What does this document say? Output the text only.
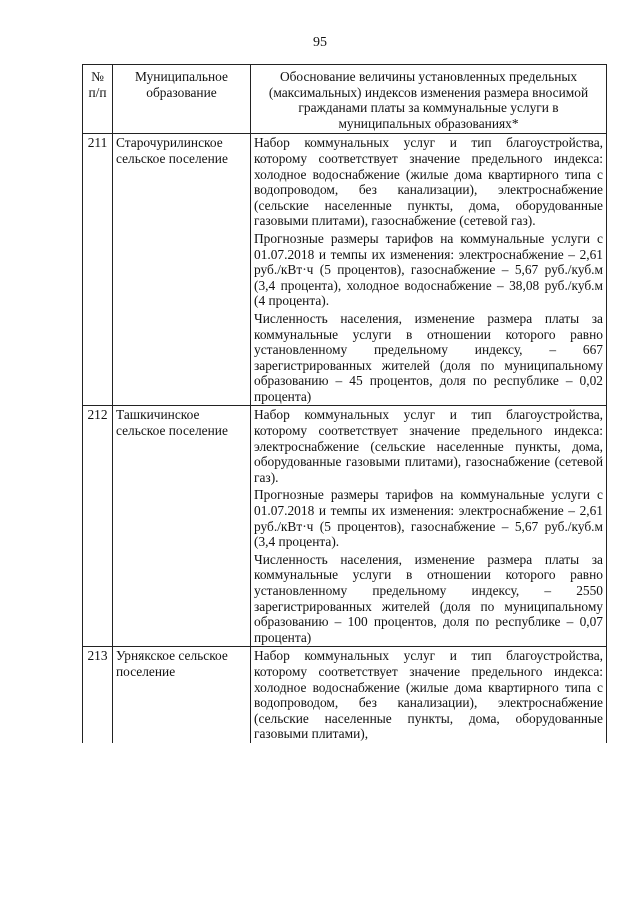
95
№ п/п	Муниципальное образование	Обоснование величины установленных предельных (максимальных) индексов изменения размера вносимой гражданами платы за коммунальные услуги в муниципальных образованиях*
211	Старочурилинское сельское поселение	Набор коммунальных услуг и тип благоустройства, которому соответствует значение предельного индекса: холодное водоснабжение (жилые дома квартирного типа с водопроводом, без канализации), электроснабжение (сельские населенные пункты, дома, оборудованные газовыми плитами), газоснабжение (сетевой газ).

Прогнозные размеры тарифов на коммунальные услуги с 01.07.2018 и темпы их изменения: электроснабжение – 2,61 руб./кВт·ч (5 процентов), газоснабжение – 5,67 руб./куб.м (3,4 процента), холодное водоснабжение – 38,08 руб./куб.м (4 процента).

Численность населения, изменение размера платы за коммунальные услуги в отношении которого равно установленному предельному индексу, – 667 зарегистрированных жителей (доля по муниципальному образованию – 45 процентов, доля по республике – 0,02 процента)

212	Ташкичинское сельское поселение	Набор коммунальных услуг и тип благоустройства, которому соответствует значение предельного индекса: электроснабжение (сельские населенные пункты, дома, оборудованные газовыми плитами), газоснабжение (сетевой газ).

Прогнозные размеры тарифов на коммунальные услуги с 01.07.2018 и темпы их изменения: электроснабжение – 2,61 руб./кВт·ч (5 процентов), газоснабжение – 5,67 руб./куб.м (3,4 процента).

Численность населения, изменение размера платы за коммунальные услуги в отношении которого равно установленному предельному индексу, – 2550 зарегистрированных жителей (доля по муниципальному образованию – 100 процентов, доля по республике – 0,07 процента)

213	Урнякское сельское поселение	Набор коммунальных услуг и тип благоустройства, которому соответствует значение предельного индекса: холодное водоснабжение (жилые дома квартирного типа с водопроводом, без канализации), электроснабжение (сельские населенные пункты, дома, оборудованные газовыми плитами),
